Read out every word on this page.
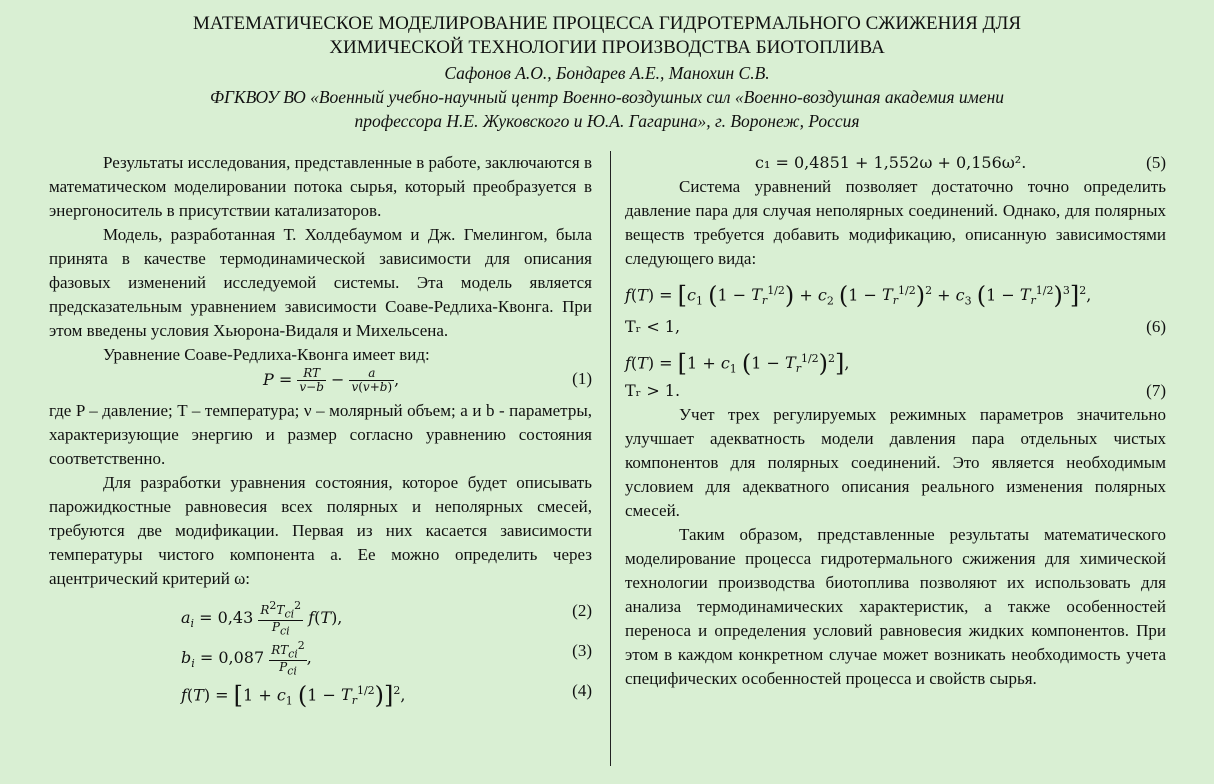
МАТЕМАТИЧЕСКОЕ МОДЕЛИРОВАНИЕ ПРОЦЕССА ГИДРОТЕРМАЛЬНОГО СЖИЖЕНИЯ ДЛЯ
ХИМИЧЕСКОЙ ТЕХНОЛОГИИ ПРОИЗВОДСТВА БИОТОПЛИВА
Сафонов А.О., Бондарев А.Е., Манохин С.В.
ФГКВОУ ВО «Военный учебно-научный центр Военно-воздушных сил «Военно-воздушная академия имени
профессора Н.Е. Жуковского и Ю.А. Гагарина», г. Воронеж, Россия

Результаты исследования, представленные в работе, заключаются в математическом моделировании потока сырья, который преобразуется в энергоноситель в присутствии катализаторов.

Модель, разработанная Т. Холдебаумом и Дж. Гмелингом, была принята в качестве термодинамической зависимости для описания фазовых изменений исследуемой системы. Эта модель является предсказательным уравнением зависимости Соаве-Редлиха-Квонга. При этом введены условия Хьюрона-Видаля и Михельсена.

Уравнение Соаве-Редлиха-Квонга имеет вид:

$P = \frac{RT}{v-b} - \frac{a}{v(v+b)}$ ,	(1)

где P – давление; T – температура; ν – молярный объем; a и b - параметры, характеризующие энергию и размер согласно уравнению состояния соответственно.

Для разработки уравнения состояния, которое будет описывать парожидкостные равновесия всех полярных и неполярных смесей, требуются две модификации. Первая из них касается зависимости температуры чистого компонента a. Ее можно определить через ацентрический критерий ω:

$a_i = 0,43 \frac{R^2T_{ci}^2}{P_{ci}} f(T)$,	(2)
$b_i = 0,087 \frac{RT_{ci}^2}{P_{ci}}$ ,	(3)
$f(T) = [1 + c_1$ $(1 - T_r^{1/2})]^2$,	(4)
c₁ = 0,4851 + 1,552ω + 0,156ω².	(5)

Система уравнений позволяет достаточно точно определить давление пара для случая неполярных соединений. Однако, для полярных веществ требуется добавить модификацию, описанную зависимостями следующего вида:

$f(T) = [c_1$ $(1 - T_r^{1/2}) + c_2$ $(1 - T_r^{1/2})^2 + c_3$ $(1 - T_r^{1/2})^3]^2$,
Tᵣ < 1,	(6)
$f(T) = [1 + c_1$ $(1 - T_r^{1/2})^2$],
Tᵣ > 1.	(7)

Учет трех регулируемых режимных параметров значительно улучшает адекватность модели давления пара отдельных чистых компонентов для полярных соединений. Это является необходимым условием для адекватного описания реального изменения полярных смесей.

Таким образом, представленные результаты математического моделирование процесса гидротермального сжижения для химической технологии производства биотоплива позволяют их использовать для анализа термодинамических характеристик, а также особенностей переноса и определения условий равновесия жидких компонентов. При этом в каждом конкретном случае может возникать необходимость учета специфических особенностей процесса и свойств сырья.
